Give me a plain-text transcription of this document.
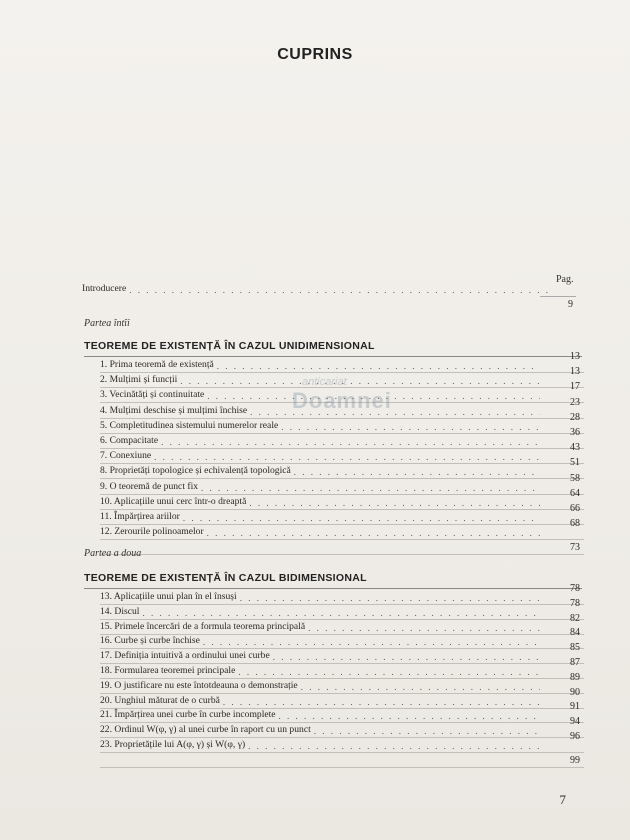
CUPRINS
Pag.
Introducere
. . .
9
Partea întîi
TEOREME DE EXISTENȚĂ ÎN CAZUL UNIDIMENSIONAL
1. Prima teoremă de existență
. . .
13
2. Mulțimi și funcții
. . .
13
3. Vecinătăți și continuitate
. . .
17
4. Mulțimi deschise și mulțimi închise
. . .
23
5. Completitudinea sistemului numerelor reale
. . .
28
6. Compacitate
. . .
36
7. Conexiune
. . .
43
8. Proprietăți topologice și echivalență topologică
. . .
51
9. O teoremă de punct fix
. . .
58
10. Aplicațiile unui cerc într-o dreaptă
. . .
64
11. Împărțirea ariilor
. . .
66
12. Zerourile polinoamelor
. . .
68
73
Partea a doua
TEOREME DE EXISTENȚĂ ÎN CAZUL BIDIMENSIONAL
13. Aplicațiile unui plan în el însuși
. . .
78
14. Discul
. . .
78
15. Primele încercări de a formula teorema principală
. . .
82
16. Curbe și curbe închise
. . .
84
17. Definiția intuitivă a ordinului unei curbe
. . .
85
18. Formularea teoremei principale
. . .
87
19. O justificare nu este întotdeauna o demonstrație
. . .
89
20. Unghiul măturat de o curbă
. . .
90
21. Împărțirea unei curbe în curbe incomplete
. . .
91
22. Ordinul W(φ, γ) al unei curbe în raport cu un punct
. . .
94
23. Proprietățile lui A(φ, γ) și W(φ, γ)
. . .
96
99
7
anticariat
Doamnei
